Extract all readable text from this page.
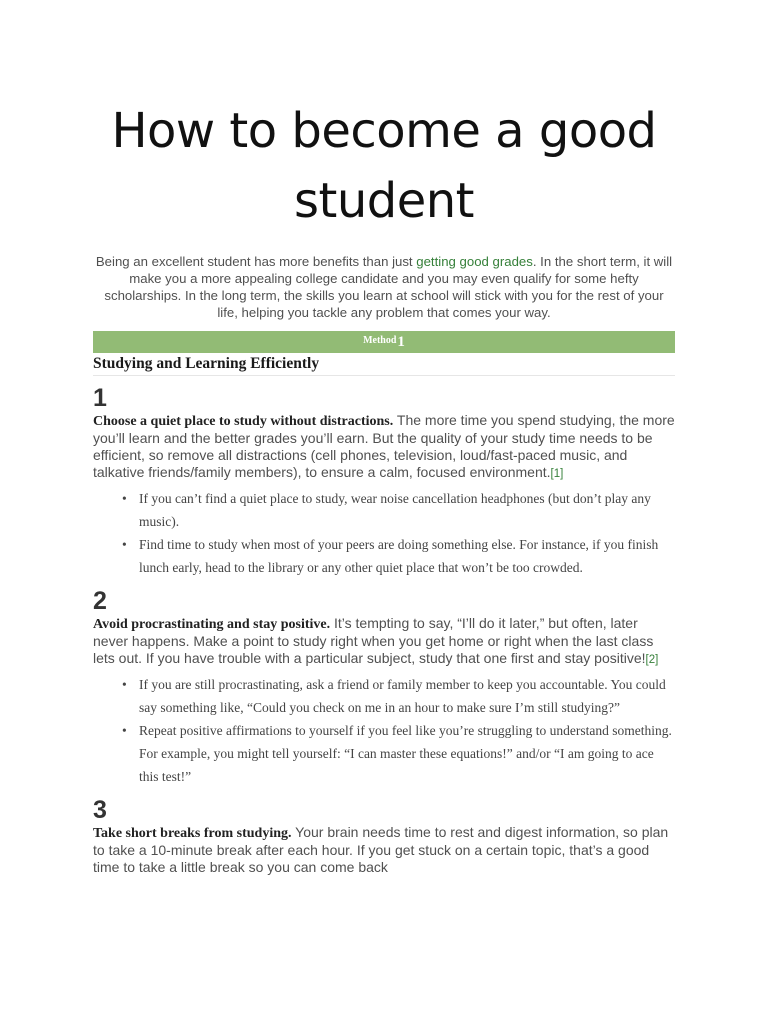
How to become a good student

Being an excellent student has more benefits than just getting good grades. In the short term, it will make you a more appealing college candidate and you may even qualify for some hefty scholarships. In the long term, the skills you learn at school will stick with you for the rest of your life, helping you tackle any problem that comes your way.

Method1
Studying and Learning Efficiently
1

Choose a quiet place to study without distractions. The more time you spend studying, the more you’ll learn and the better grades you’ll earn. But the quality of your study time needs to be efficient, so remove all distractions (cell phones, television, loud/fast-paced music, and talkative friends/family members), to ensure a calm, focused environment.[1]

• If you can’t find a quiet place to study, wear noise cancellation headphones (but don’t play any music).
• Find time to study when most of your peers are doing something else. For instance, if you finish lunch early, head to the library or any other quiet place that won’t be too crowded.
2

Avoid procrastinating and stay positive. It’s tempting to say, “I’ll do it later,” but often, later never happens. Make a point to study right when you get home or right when the last class lets out. If you have trouble with a particular subject, study that one first and stay positive![2]

• If you are still procrastinating, ask a friend or family member to keep you accountable. You could say something like, “Could you check on me in an hour to make sure I’m still studying?”
• Repeat positive affirmations to yourself if you feel like you’re struggling to understand something. For example, you might tell yourself: “I can master these equations!” and/or “I am going to ace this test!”
3

Take short breaks from studying. Your brain needs time to rest and digest information, so plan to take a 10-minute break after each hour. If you get stuck on a certain topic, that’s a good time to take a little break so you can come back
